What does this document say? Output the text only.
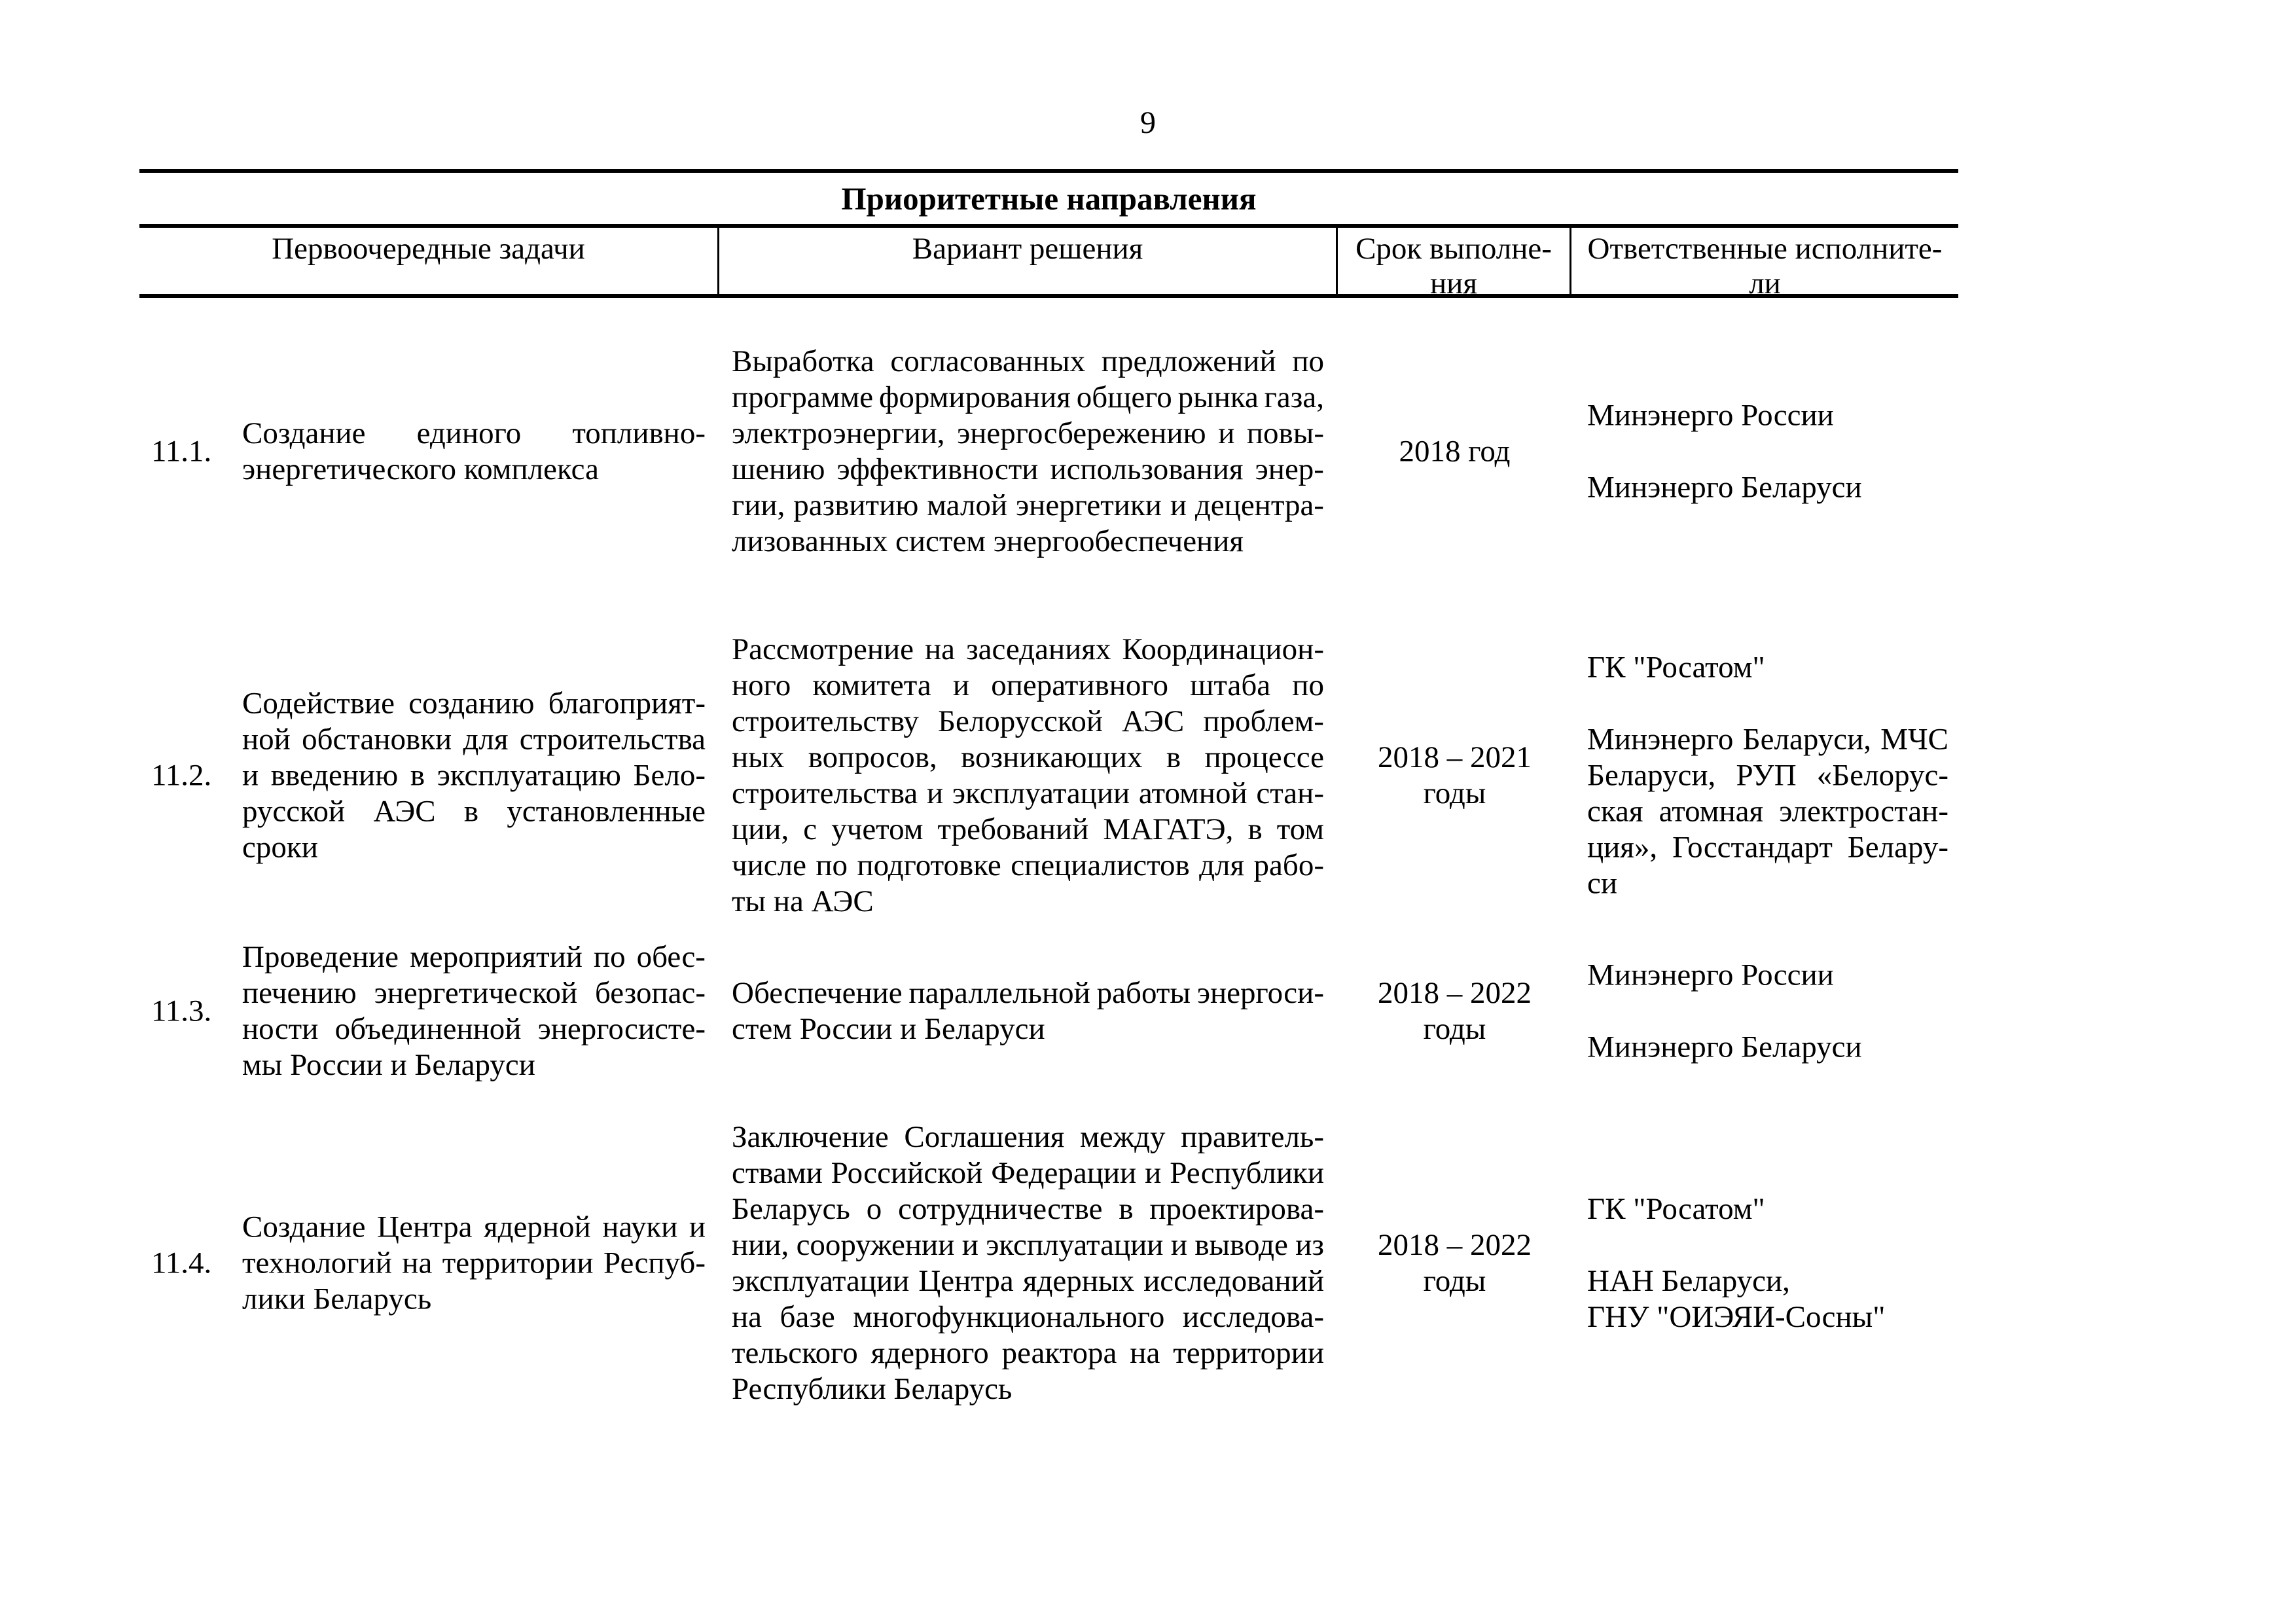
9
Приоритетные направления
Первоочередные задачи	Вариант решения	Срок выполне-
ния
Ответственные исполните-
ли
11.1.
Создание единого топливно-
энергетического комплекса
Выработка согласованных предложений по
программе формирования общего рынка газа,
электроэнергии, энергосбережению и повы-
шению эффективности использования энер-
гии, развитию малой энергетики и децентра-
лизованных систем энергообеспечения
2018 год
Минэнерго России
Минэнерго Беларуси
11.2.
Содействие созданию благоприят-
ной обстановки для строительства
и введению в эксплуатацию Бело-
русской АЭС в установленные
сроки
Рассмотрение на заседаниях Координацион-
ного комитета и оперативного штаба по
строительству Белорусской АЭС проблем-
ных вопросов, возникающих в процессе
строительства и эксплуатации атомной стан-
ции, с учетом требований МАГАТЭ, в том
числе по подготовке специалистов для рабо-
ты на АЭС
2018 – 2021
годы
ГК "Росатом"
Минэнерго Беларуси, МЧС
Беларуси, РУП «Белорус-
ская атомная электростан-
ция», Госстандарт Белару-
си
11.3.
Проведение мероприятий по обес-
печению энергетической безопас-
ности объединенной энергосисте-
мы России и Беларуси
Обеспечение параллельной работы энергоси-
стем России и Беларуси
2018 – 2022
годы
Минэнерго России
Минэнерго Беларуси
11.4.
Создание Центра ядерной науки и
технологий на территории Респуб-
лики Беларусь
Заключение Соглашения между правитель-
ствами Российской Федерации и Республики
Беларусь о сотрудничестве в проектирова-
нии, сооружении и эксплуатации и выводе из
эксплуатации Центра ядерных исследований
на базе многофункционального исследова-
тельского ядерного реактора на территории
Республики Беларусь
2018 – 2022
годы
ГК "Росатом"
НАН Беларуси,
ГНУ "ОИЭЯИ-Сосны"
